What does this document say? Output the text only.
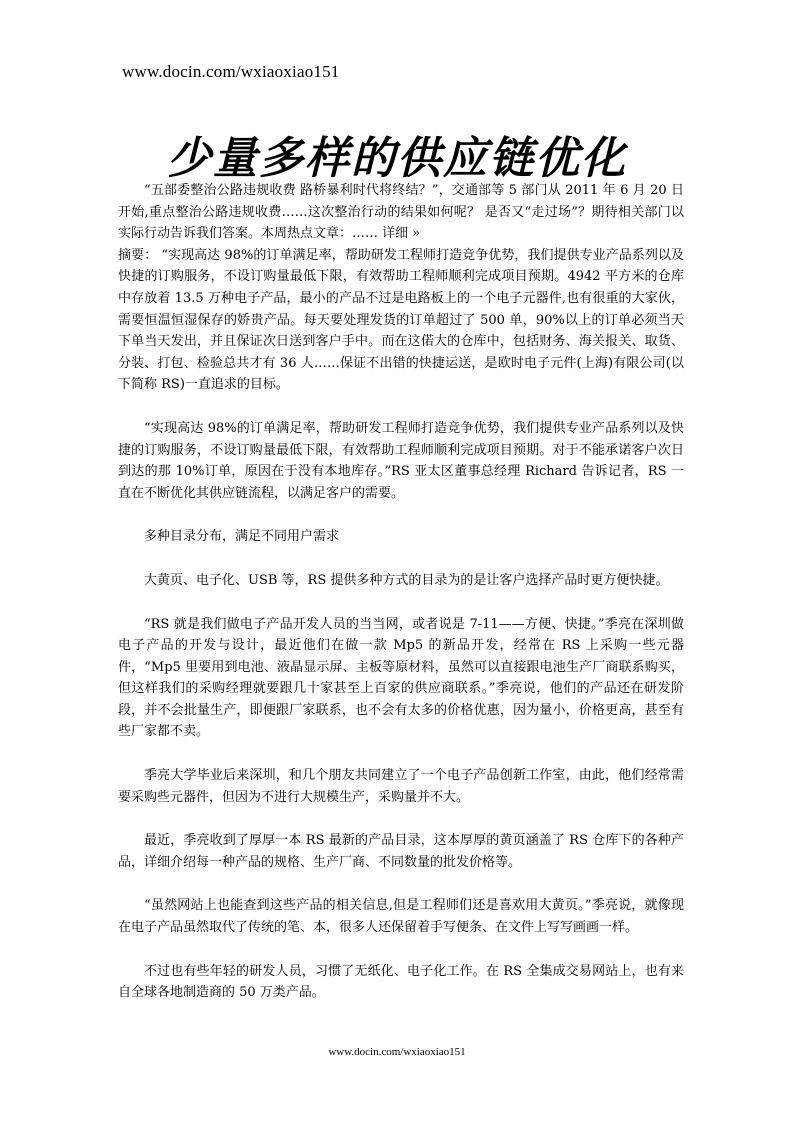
www.docin.com/wxiaoxiao151
少量多样的供应链优化

“五部委整治公路违规收费 路桥暴利时代将终结？”，交通部等 5 部门从 2011 年 6 月 20 日开始,重点整治公路违规收费……这次整治行动的结果如何呢？ 是否又“走过场”？期待相关部门以实际行动告诉我们答案。本周热点文章：…… 详细 »

摘要： “实现高达 98%的订单满足率，帮助研发工程师打造竞争优势，我们提供专业产品系列以及快捷的订购服务，不设订购量最低下限，有效帮助工程师顺利完成项目预期。4942 平方米的仓库中存放着 13.5 万种电子产品，最小的产品不过是电路板上的一个电子元器件,也有很重的大家伙，需要恒温恒湿保存的娇贵产品。每天要处理发货的订单超过了 500 单，90%以上的订单必须当天下单当天发出，并且保证次日送到客户手中。而在这偌大的仓库中，包括财务、海关报关、取货、分装、打包、检验总共才有 36 人……保证不出错的快捷运送，是欧时电子元件(上海)有限公司(以下简称 RS)一直追求的目标。

“实现高达 98%的订单满足率，帮助研发工程师打造竞争优势，我们提供专业产品系列以及快捷的订购服务，不设订购量最低下限，有效帮助工程师顺利完成项目预期。对于不能承诺客户次日到达的那 10%订单，原因在于没有本地库存。”RS 亚太区董事总经理 Richard 告诉记者，RS 一直在不断优化其供应链流程，以满足客户的需要。

多种目录分布，满足不同用户需求

大黄页、电子化、USB 等，RS 提供多种方式的目录为的是让客户选择产品时更方便快捷。

“RS 就是我们做电子产品开发人员的当当网，或者说是 7-11——方便、快捷。”季亮在深圳做电子产品的开发与设计，最近他们在做一款 Mp5 的新品开发，经常在 RS 上采购一些元器件，“Mp5 里要用到电池、液晶显示屏、主板等原材料，虽然可以直接跟电池生产厂商联系购买，但这样我们的采购经理就要跟几十家甚至上百家的供应商联系。”季亮说，他们的产品还在研发阶段，并不会批量生产，即便跟厂家联系，也不会有太多的价格优惠，因为量小，价格更高，甚至有些厂家都不卖。

季亮大学毕业后来深圳，和几个朋友共同建立了一个电子产品创新工作室，由此，他们经常需要采购些元器件，但因为不进行大规模生产，采购量并不大。

最近，季亮收到了厚厚一本 RS 最新的产品目录，这本厚厚的黄页涵盖了 RS 仓库下的各种产品，详细介绍每一种产品的规格、生产厂商、不同数量的批发价格等。

“虽然网站上也能查到这些产品的相关信息,但是工程师们还是喜欢用大黄页。”季亮说，就像现在电子产品虽然取代了传统的笔、本，很多人还保留着手写便条、在文件上写写画画一样。

不过也有些年轻的研发人员，习惯了无纸化、电子化工作。在 RS 全集成交易网站上，也有来自全球各地制造商的 50 万类产品。

www.docin.com/wxiaoxiao151
